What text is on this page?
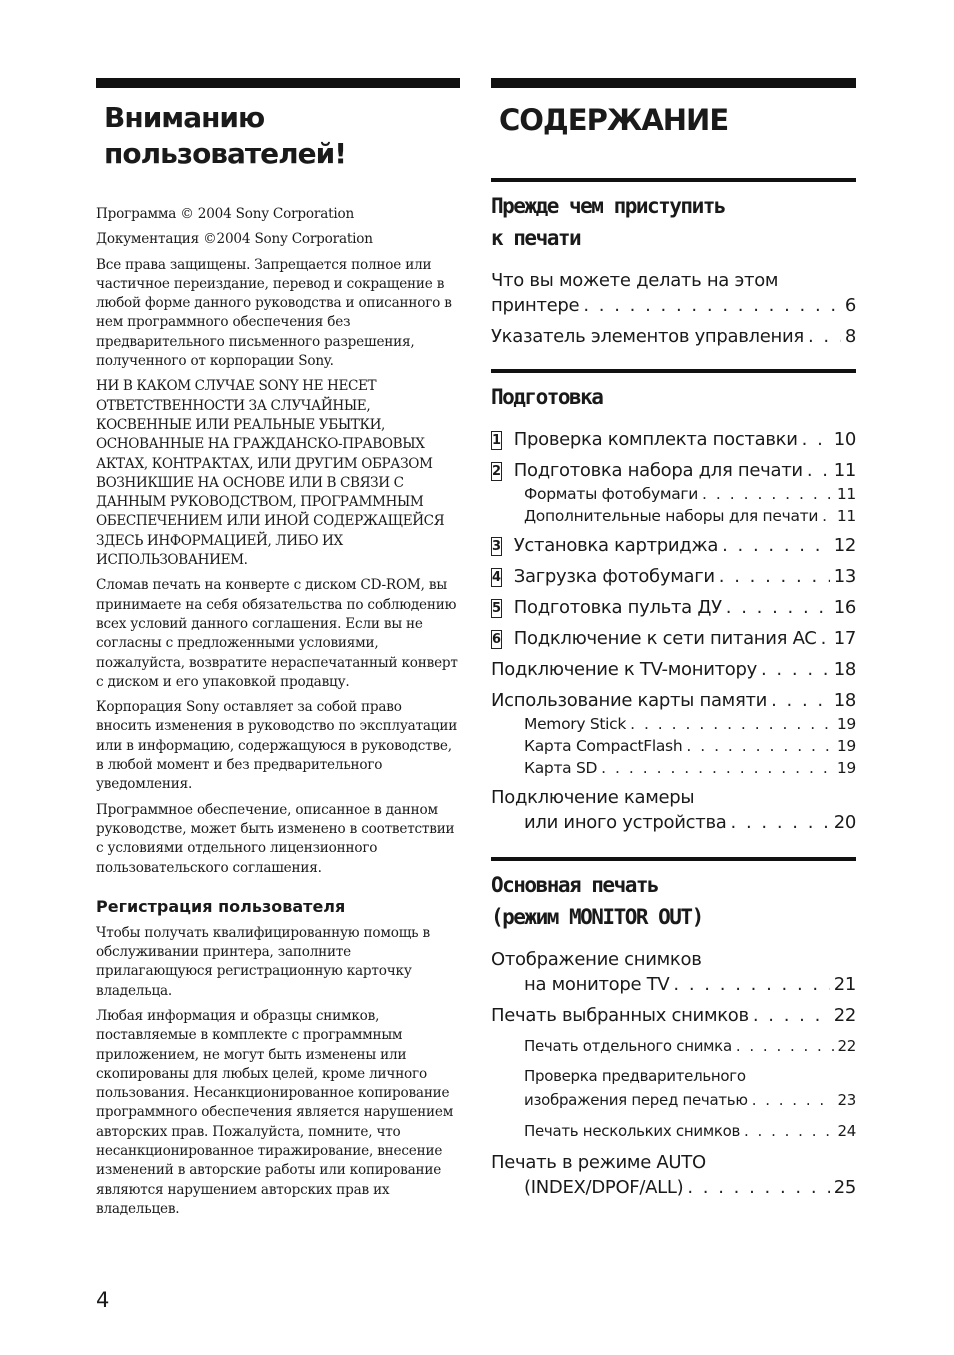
Вниманию
пользователей!

Программа © 2004 Sony Corporation

Документация ©2004 Sony Corporation

Все права защищены. Запрещается полное или частичное переиздание, перевод и сокращение в любой форме данного руководства и описанного в нем программного обеспечения без предварительного письменного разрешения, полученного от корпорации Sony.

НИ В КАКОМ СЛУЧАЕ SONY НЕ НЕСЕТ ОТВЕТСТВЕННОСТИ ЗА СЛУЧАЙНЫЕ, КОСВЕННЫЕ ИЛИ РЕАЛЬНЫЕ УБЫТКИ, ОСНОВАННЫЕ НА ГРАЖДАНСКО-ПРАВОВЫХ АКТАХ, КОНТРАКТАХ, ИЛИ ДРУГИМ ОБРАЗОМ ВОЗНИКШИЕ НА ОСНОВЕ ИЛИ В СВЯЗИ С ДАННЫМ РУКОВОДСТВОМ, ПРОГРАММНЫМ ОБЕСПЕЧЕНИЕМ ИЛИ ИНОЙ СОДЕРЖАЩЕЙСЯ ЗДЕСЬ ИНФОРМАЦИЕЙ, ЛИБО ИХ ИСПОЛЬЗОВАНИЕМ.

Сломав печать на конверте с диском CD-ROM, вы принимаете на себя обязательства по соблюдению всех условий данного соглашения. Если вы не согласны с предложенными условиями, пожалуйста, возвратите нераспечатанный конверт с диском и его упаковкой продавцу.

Корпорация Sony оставляет за собой право вносить изменения в руководство по эксплуатации или в информацию, содержащуюся в руководстве, в любой момент и без предварительного уведомления.

Программное обеспечение, описанное в данном руководстве, может быть изменено в соответствии с условиями отдельного лицензионного пользовательского соглашения.

Регистрация пользователя

Чтобы получать квалифицированную помощь в обслуживании принтера, заполните прилагающуюся регистрационную карточку владельца.

Любая информация и образцы снимков, поставляемые в комплекте с программным приложением, не могут быть изменены или скопированы для любых целей, кроме личного пользования. Несанкционированное копирование программного обеспечения является нарушением авторских прав. Пожалуйста, помните, что несанкционированное тиражирование, внесение изменений в авторские работы или копирование являются нарушением авторских прав их владельцев.

СОДЕРЖАНИЕ
Прежде чем приступить
к печати
Что вы можете делать на этом
принтере . . .	6
Указатель элементов управления . . . 8
Подготовка
1 Проверка комплекта поставки . . . 10
2 Подготовка набора для печати . . . 11
Форматы фотобумаги . . .	11
Дополнительные наборы для печати . . . 11
3 Установка картриджа . . .	12
4 Загрузка фотобумаги . . .	13
5 Подготовка пульта ДУ . . .	16
6 Подключение к сети питания AC . . . 17
Подключение к TV-монитору . . .	18
Использование карты памяти . . .	18
Memory Stick . . .	19
Карта CompactFlash . . .	19
Карта SD . . .	19
Подключение камеры
или иного устройства . . .	20
Основная печать
(режим MONITOR OUT)
Отображение снимков
на мониторе TV . . .	21
Печать выбранных снимков . . .	22
Печать отдельного снимка . . .	22
Проверка предварительного
изображения перед печатью . . .	23
Печать нескольких снимков . . .	24
Печать в режиме AUTO
(INDEX/DPOF/ALL) . . .	25
4
